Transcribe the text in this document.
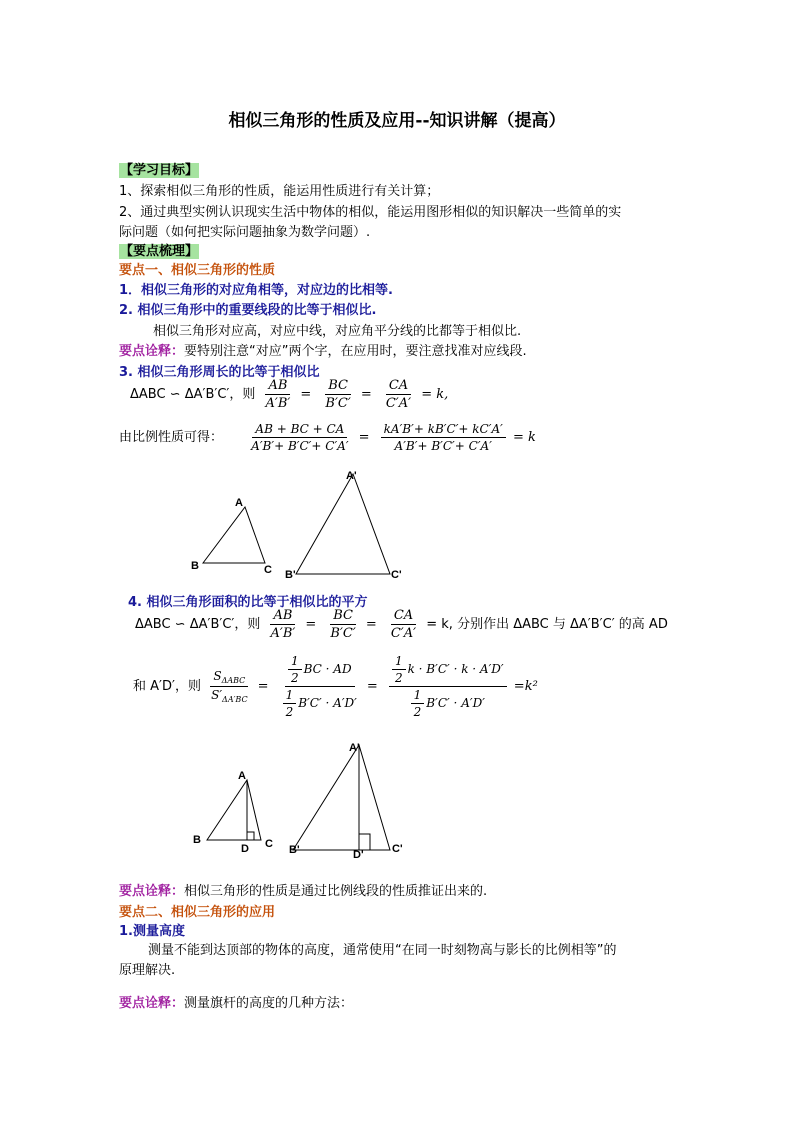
相似三角形的性质及应用--知识讲解（提高）
【学习目标】
1、探索相似三角形的性质，能运用性质进行有关计算；
2、通过典型实例认识现实生活中物体的相似，能运用图形相似的知识解决一些简单的实
际问题（如何把实际问题抽象为数学问题）.
【要点梳理】
要点一、相似三角形的性质
1．相似三角形的对应角相等，对应边的比相等.
2. 相似三角形中的重要线段的比等于相似比.
相似三角形对应高，对应中线，对应角平分线的比都等于相似比.
要点诠释：要特别注意“对应”两个字，在应用时，要注意找准对应线段.
3. 相似三角形周长的比等于相似比
ΔABC ∽ ΔA′B′C′，则 $\frac{AB}{A'B'} = \frac{BC}{B'C'} = \frac{CA}{C'A'} = k$,
由比例性质可得： $\frac{AB + BC + CA}{A'B'+ B'C'+ C'A'} = \frac{kA'B'+ kB'C'+ kC'A'}{A'B'+ B'C'+ C'A'} = k$
A
B	C
A'
B'	C'
4. 相似三角形面积的比等于相似比的平方
ΔABC ∽ ΔA′B′C′，则 $\frac{AB}{A'B'} = \frac{BC}{B'C'} = \frac{CA}{C'A'} = k$, 分别作出 ΔABC 与 ΔA′B′C′ 的高 AD
和 A′D′，则 $\frac{S_{\Delta ABC}}{S'_{\Delta A'BC}} = \frac{\frac{1}{2} BC \cdot AD}{\frac{1}{2} B'C' \cdot A'D'} = \frac{\frac{1}{2} k \cdot B'C' \cdot k \cdot A'D'}{\frac{1}{2} B'C' \cdot A'D'} =k^2$
A
B	C
D
A'
B'	C'
D'
要点诠释：相似三角形的性质是通过比例线段的性质推证出来的.
要点二、相似三角形的应用
1.测量高度
测量不能到达顶部的物体的高度，通常使用“在同一时刻物高与影长的比例相等”的
原理解决.
要点诠释：测量旗杆的高度的几种方法：
